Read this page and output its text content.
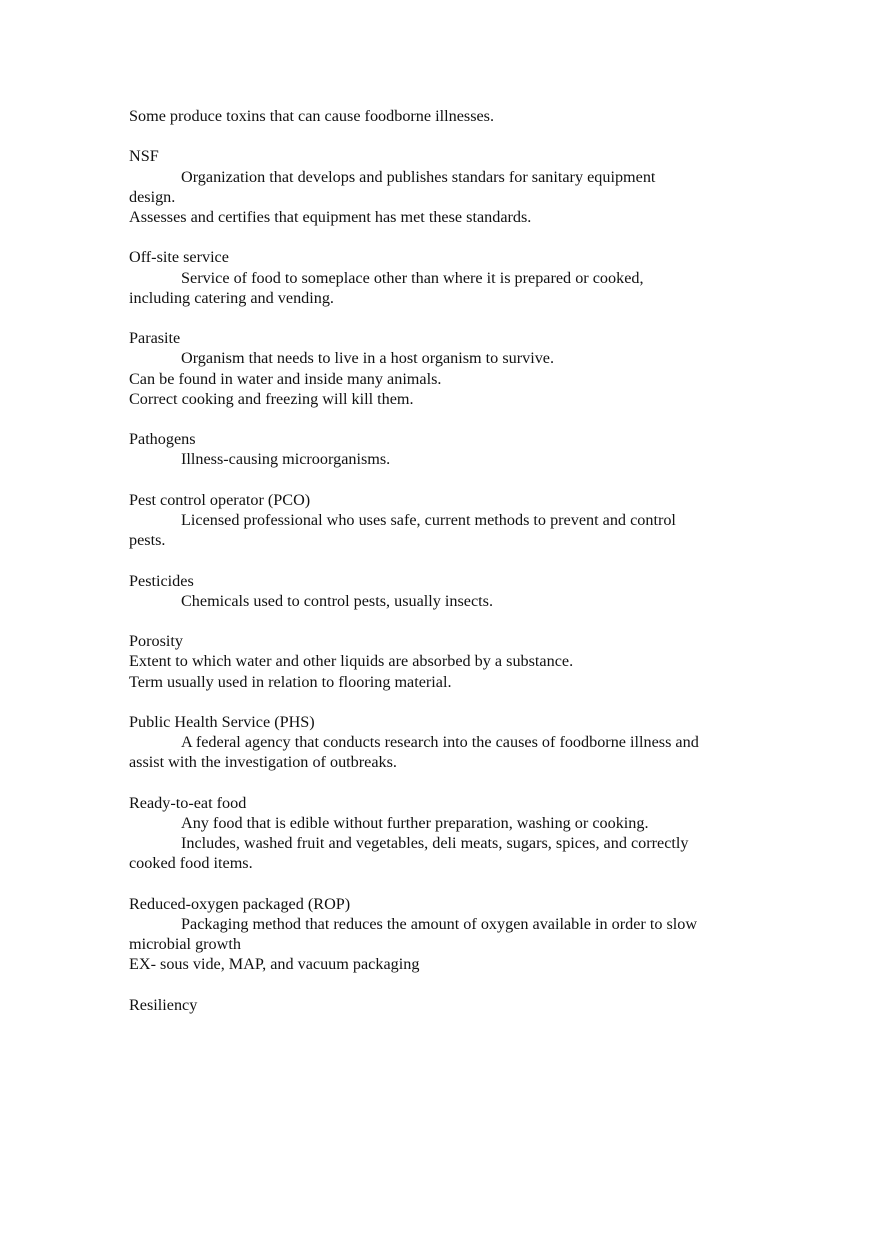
Some produce toxins that can cause foodborne illnesses.
NSF
Organization that develops and publishes standars for sanitary equipment
design.
Assesses and certifies that equipment has met these standards.
Off-site service
Service of food to someplace other than where it is prepared or cooked,
including catering and vending.
Parasite
Organism that needs to live in a host organism to survive.
Can be found in water and inside many animals.
Correct cooking and freezing will kill them.
Pathogens
Illness-causing microorganisms.
Pest control operator (PCO)
Licensed professional who uses safe, current methods to prevent and control
pests.
Pesticides
Chemicals used to control pests, usually insects.
Porosity
Extent to which water and other liquids are absorbed by a substance.
Term usually used in relation to flooring material.
Public Health Service (PHS)
A federal agency that conducts research into the causes of foodborne illness and
assist with the investigation of outbreaks.
Ready-to-eat food
Any food that is edible without further preparation, washing or cooking.
Includes, washed fruit and vegetables, deli meats, sugars, spices, and correctly
cooked food items.
Reduced-oxygen packaged (ROP)
Packaging method that reduces the amount of oxygen available in order to slow
microbial growth
EX- sous vide, MAP, and vacuum packaging
Resiliency
